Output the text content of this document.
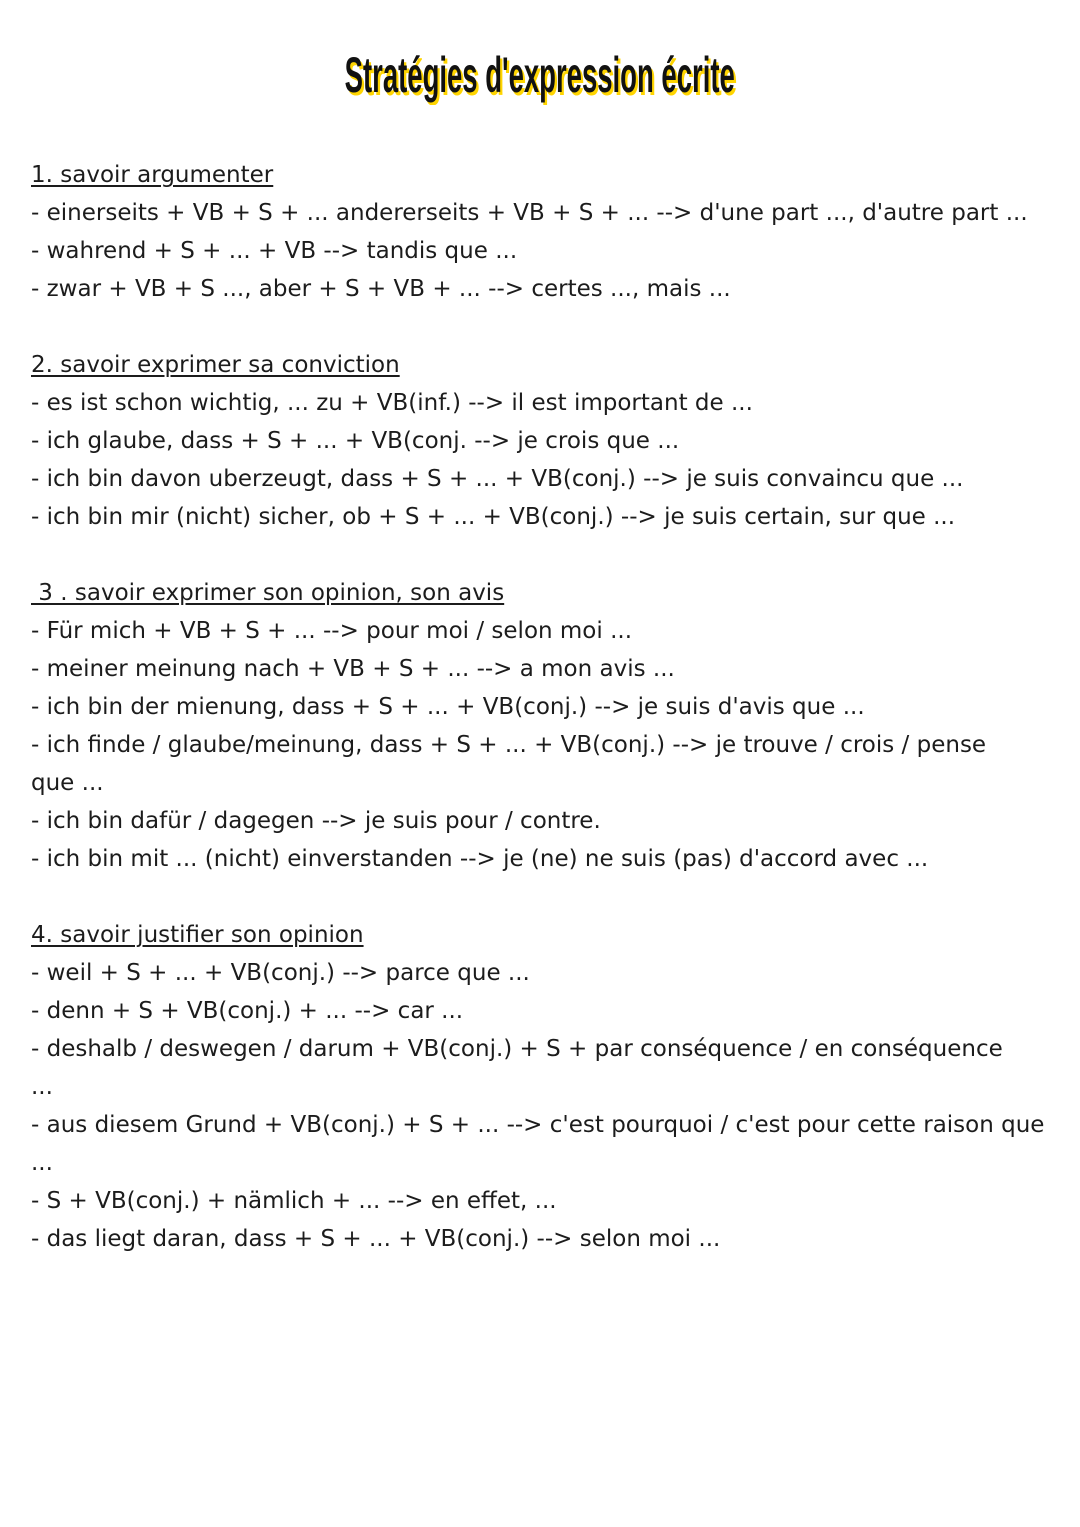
Stratégies d'expression écrite
1. savoir argumenter
- einerseits + VB + S + ... andererseits + VB + S + ... --> d'une part ..., d'autre part ...
- wahrend + S + ... + VB --> tandis que ...
- zwar + VB + S ..., aber + S + VB + ... --> certes ..., mais ...
2. savoir exprimer sa conviction
- es ist schon wichtig, ... zu + VB(inf.) --> il est important de ...
- ich glaube, dass + S + ... + VB(conj. --> je crois que ...
- ich bin davon uberzeugt, dass + S + ... + VB(conj.) --> je suis convaincu que ...
- ich bin mir (nicht) sicher, ob + S + ... + VB(conj.) --> je suis certain, sur que ...
3 . savoir exprimer son opinion, son avis
- Für mich + VB + S + ... --> pour moi / selon moi ...
- meiner meinung nach + VB + S + ... --> a mon avis ...
- ich bin der mienung, dass + S + ... + VB(conj.) --> je suis d'avis que ...
- ich finde / glaube/meinung, dass + S + ... + VB(conj.) --> je trouve / crois / pense
que ...
- ich bin dafür / dagegen --> je suis pour / contre.
- ich bin mit ... (nicht) einverstanden --> je (ne) ne suis (pas) d'accord avec ...
4. savoir justifier son opinion
- weil + S + ... + VB(conj.) --> parce que ...
- denn + S + VB(conj.) + ... --> car ...
- deshalb / deswegen / darum + VB(conj.) + S + par conséquence / en conséquence
...
- aus diesem Grund + VB(conj.) + S + ... --> c'est pourquoi / c'est pour cette raison que
...
- S + VB(conj.) + nämlich + ... --> en effet, ...
- das liegt daran, dass + S + ... + VB(conj.) --> selon moi ...
